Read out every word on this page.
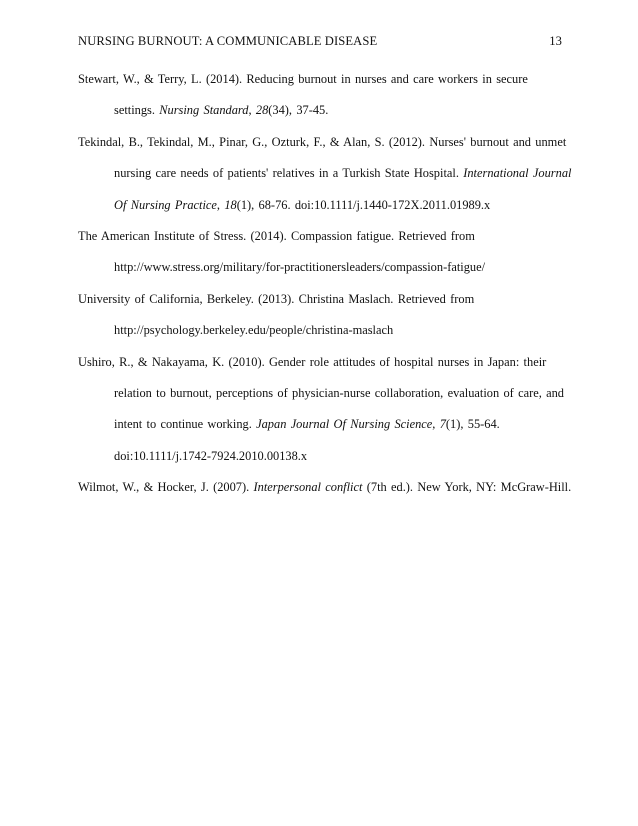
NURSING BURNOUT: A COMMUNICABLE DISEASE	13
Stewart, W., & Terry, L. (2014). Reducing burnout in nurses and care workers in secure
settings. Nursing Standard, 28(34), 37-45.
Tekindal, B., Tekindal, M., Pinar, G., Ozturk, F., & Alan, S. (2012). Nurses' burnout and unmet
nursing care needs of patients' relatives in a Turkish State Hospital. International Journal
Of Nursing Practice, 18(1), 68-76. doi:10.1111/j.1440-172X.2011.01989.x
The American Institute of Stress. (2014). Compassion fatigue. Retrieved from
http://www.stress.org/military/for-practitionersleaders/compassion-fatigue/
University of California, Berkeley. (2013). Christina Maslach. Retrieved from
http://psychology.berkeley.edu/people/christina-maslach
Ushiro, R., & Nakayama, K. (2010). Gender role attitudes of hospital nurses in Japan: their
relation to burnout, perceptions of physician-nurse collaboration, evaluation of care, and
intent to continue working. Japan Journal Of Nursing Science, 7(1), 55-64.
doi:10.1111/j.1742-7924.2010.00138.x
Wilmot, W., & Hocker, J. (2007). Interpersonal conflict (7th ed.). New York, NY: McGraw-Hill.
